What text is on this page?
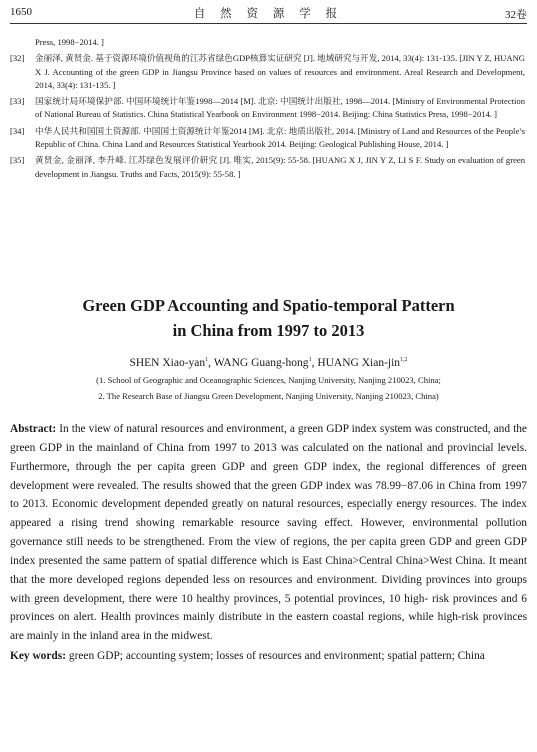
1650	自 然 资 源 学 报	32卷
Press, 1998−2014. ]
[32] 金丽泽, 黄贤金. 基于资源环境价值视角的江苏省绿色GDP核算实证研究 [J]. 地域研究与开发, 2014, 33(4): 131-135. [JIN Y Z, HUANG X J. Accounting of the green GDP in Jiangsu Province based on values of resources and environment. Areal Research and Development, 2014, 33(4): 131-135. ]
[33] 国家统计局环境保护部. 中国环境统计年鉴1998—2014 [M]. 北京: 中国统计出版社, 1998—2014. [Ministry of Environmental Protection of National Bureau of Statistics. China Statistical Yearbook on Environment 1998−2014. Beijing: China Statistics Press, 1998−2014. ]
[34] 中华人民共和国国土资源部. 中国国土资源统计年鉴2014 [M]. 北京: 地质出版社, 2014. [Ministry of Land and Resources of the People’s Republic of China. China Land and Resources Statistical Yearbook 2014. Beijing: Geological Publishing House, 2014. ]
[35] 黄贤金, 金丽泽, 李升峰. 江苏绿色发展评价研究 [J]. 唯实, 2015(9): 55-58. [HUANG X J, JIN Y Z, LI S F. Study on evaluation of green development in Jiangsu. Truths and Facts, 2015(9): 55-58. ]
Green GDP Accounting and Spatio-temporal Pattern
in China from 1997 to 2013
SHEN Xiao-yan$^1$, WANG Guang-hong$^1$, HUANG Xian-jin$^{1,2}$
(1. School of Geographic and Oceanographic Sciences, Nanjing University, Nanjing 210023, China;
2. The Research Base of Jiangsu Green Development, Nanjing University, Nanjing 210023, China)
Abstract: In the view of natural resources and environment, a green GDP index system was constructed, and the green GDP in the mainland of China from 1997 to 2013 was calculated on the national and provincial levels. Furthermore, through the per capita green GDP and green GDP index, the regional differences of green development were revealed. The results showed that the green GDP index was 78.99−87.06 in China from 1997 to 2013. Economic development depended greatly on natural resources, especially energy resources. The index appeared a rising trend showing remarkable resource saving effect. However, environmental pollution governance still needs to be strengthened. From the view of regions, the per capita green GDP and green GDP index presented the same pattern of spatial difference which is East China>Central China>West China. It meant that the more developed regions depended less on resources and environment. Dividing provinces into groups with green development, there were 10 healthy provinces, 5 potential provinces, 10 high- risk provinces and 6 provinces on alert. Health provinces mainly distribute in the eastern coastal regions, while high-risk provinces are mainly in the inland area in the midwest.
Key words: green GDP; accounting system; losses of resources and environment; spatial pattern; China
